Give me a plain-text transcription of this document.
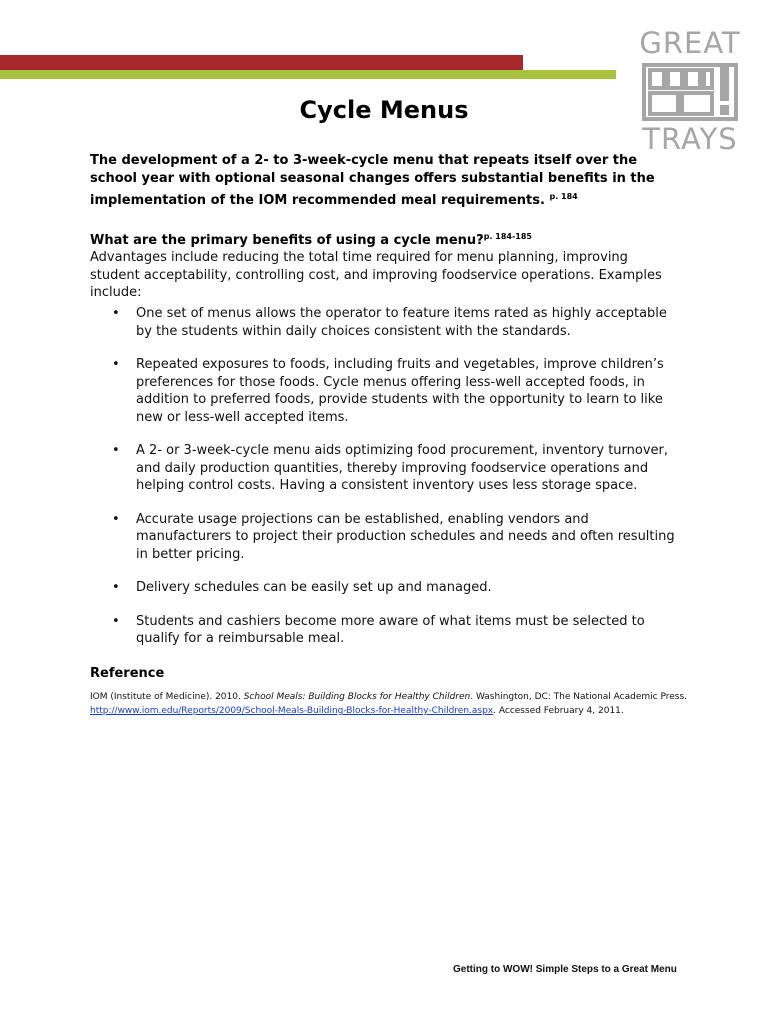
GREAT
TRAYS
Cycle Menus
The development of a 2- to 3-week-cycle menu that repeats itself over the school year with optional seasonal changes offers substantial benefits in the implementation of the IOM recommended meal requirements. $^{p. 184}$
What are the primary benefits of using a cycle menu?$^{p. 184-185}$
Advantages include reducing the total time required for menu planning, improving student acceptability, controlling cost, and improving foodservice operations. Examples include:
• One set of menus allows the operator to feature items rated as highly acceptable by the students within daily choices consistent with the standards.
• Repeated exposures to foods, including fruits and vegetables, improve children’s preferences for those foods. Cycle menus offering less-well accepted foods, in addition to preferred foods, provide students with the opportunity to learn to like new or less-well accepted items.
• A 2- or 3-week-cycle menu aids optimizing food procurement, inventory turnover, and daily production quantities, thereby improving foodservice operations and helping control costs. Having a consistent inventory uses less storage space.
• Accurate usage projections can be established, enabling vendors and manufacturers to project their production schedules and needs and often resulting in better pricing.
• Delivery schedules can be easily set up and managed.
• Students and cashiers become more aware of what items must be selected to qualify for a reimbursable meal.
Reference
IOM (Institute of Medicine). 2010. School Meals: Building Blocks for Healthy Children. Washington, DC: The National Academic Press.
http://www.iom.edu/Reports/2009/School-Meals-Building-Blocks-for-Healthy-Children.aspx. Accessed February 4, 2011.
Getting to WOW! Simple Steps to a Great Menu
